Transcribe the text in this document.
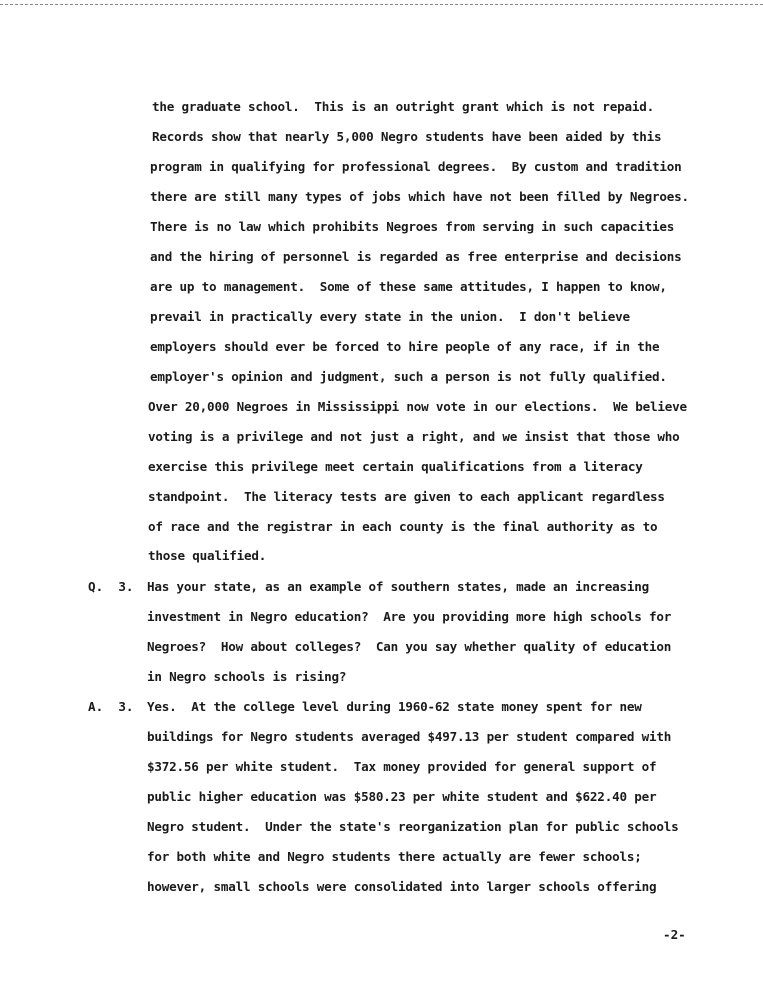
the graduate school.  This is an outright grant which is not repaid.
Records show that nearly 5,000 Negro students have been aided by this
program in qualifying for professional degrees.  By custom and tradition
there are still many types of jobs which have not been filled by Negroes.
There is no law which prohibits Negroes from serving in such capacities
and the hiring of personnel is regarded as free enterprise and decisions
are up to management.  Some of these same attitudes, I happen to know,
prevail in practically every state in the union.  I don't believe
employers should ever be forced to hire people of any race, if in the
employer's opinion and judgment, such a person is not fully qualified.
Over 20,000 Negroes in Mississippi now vote in our elections.  We believe
voting is a privilege and not just a right, and we insist that those who
exercise this privilege meet certain qualifications from a literacy
standpoint.  The literacy tests are given to each applicant regardless
of race and the registrar in each county is the final authority as to
those qualified.
Q.  3. Has your state, as an example of southern states, made an increasing
investment in Negro education?  Are you providing more high schools for
Negroes?  How about colleges?  Can you say whether quality of education
in Negro schools is rising?
A.  3. Yes.  At the college level during 1960-62 state money spent for new
buildings for Negro students averaged $497.13 per student compared with
$372.56 per white student.  Tax money provided for general support of
public higher education was $580.23 per white student and $622.40 per
Negro student.  Under the state's reorganization plan for public schools
for both white and Negro students there actually are fewer schools;
however, small schools were consolidated into larger schools offering
-2-
